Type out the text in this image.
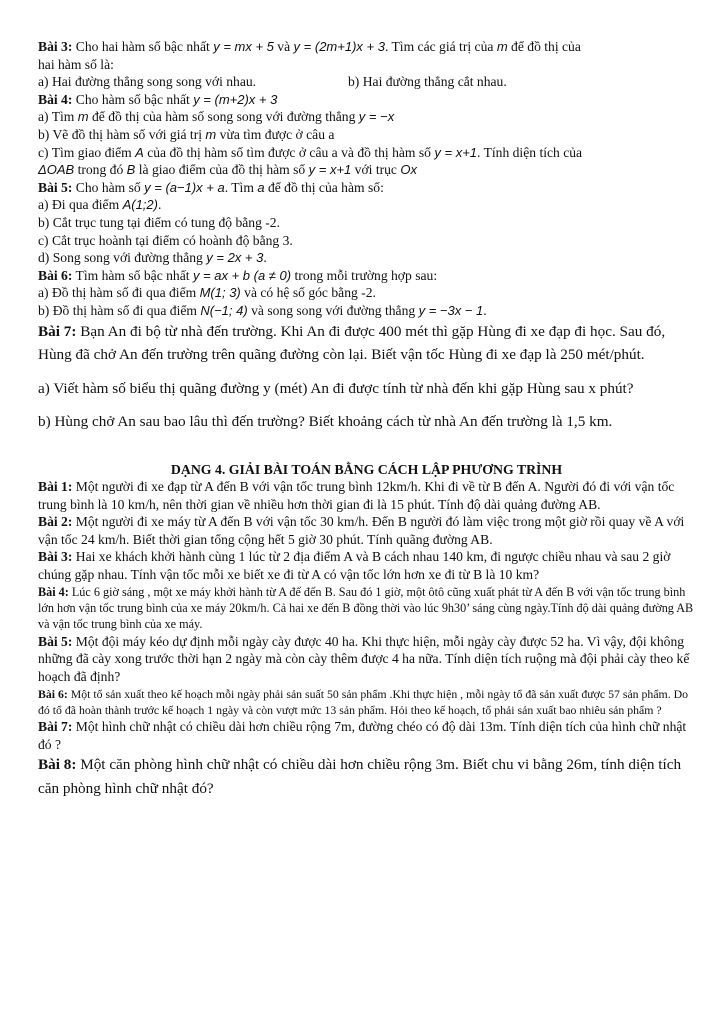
Bài 3: Cho hai hàm số bậc nhất y = mx + 5 và y = (2m+1)x + 3. Tìm các giá trị của m để đồ thị của

hai hàm số là:

a) Hai đường thẳng song song với nhau.	b) Hai đường thẳng cắt nhau.

Bài 4: Cho hàm số bậc nhất y = (m+2)x + 3

a) Tìm m để đồ thị của hàm số song song với đường thẳng y = −x

b) Vẽ đồ thị hàm số với giá trị m vừa tìm được ở câu a

c) Tìm giao điểm A của đồ thị hàm số tìm được ở câu a và đồ thị hàm số y = x+1. Tính diện tích của

ΔOAB trong đó B là giao điểm của đồ thị hàm số y = x+1 với trục Ox

Bài 5: Cho hàm số y = (a−1)x + a. Tìm a để đồ thị của hàm số:

a) Đi qua điểm A(1;2).

b) Cắt trục tung tại điểm có tung độ bằng -2.

c) Cắt trục hoành tại điểm có hoành độ bằng 3.

d) Song song với đường thẳng y = 2x + 3.

Bài 6: Tìm hàm số bậc nhất y = ax + b (a ≠ 0) trong mỗi trường hợp sau:

a) Đồ thị hàm số đi qua điểm M(1; 3) và có hệ số góc bằng -2.

b) Đồ thị hàm số đi qua điểm N(−1; 4) và song song với đường thẳng y = −3x − 1.

Bài 7: Bạn An đi bộ từ nhà đến trường. Khi An đi được 400 mét thì gặp Hùng đi xe đạp đi học. Sau đó, Hùng đã chở An đến trường trên quãng đường còn lại. Biết vận tốc Hùng đi xe đạp là 250 mét/phút.

a) Viết hàm số biểu thị quãng đường y (mét) An đi được tính từ nhà đến khi gặp Hùng sau x phút?

b) Hùng chở An sau bao lâu thì đến trường? Biết khoảng cách từ nhà An đến trường là 1,5 km.

DẠNG 4. GIẢI BÀI TOÁN BẰNG CÁCH LẬP PHƯƠNG TRÌNH

Bài 1: Một người đi xe đạp từ A đến B với vận tốc trung bình 12km/h. Khi đi về từ B đến A. Người đó đi với vận tốc trung bình là 10 km/h, nên thời gian về nhiều hơn thời gian đi là 15 phút. Tính độ dài quảng đường AB.

Bài 2: Một người đi xe máy từ A đến B với vận tốc 30 km/h. Đến B người đó làm việc trong một giờ rồi quay về A với vận tốc 24 km/h. Biết thời gian tổng cộng hết 5 giờ 30 phút. Tính quãng đường AB.

Bài 3: Hai xe khách khởi hành cùng 1 lúc từ 2 địa điểm A và B cách nhau 140 km, đi ngược chiều nhau và sau 2 giờ chúng gặp nhau. Tính vận tốc mỗi xe biết xe đi từ A có vận tốc lớn hơn xe đi từ B là 10 km?

Bài 4: Lúc 6 giờ sáng , một xe máy khởi hành từ A để đến B. Sau đó 1 giờ, một ôtô cũng xuất phát từ A đến B với vận tốc trung bình lớn hơn vận tốc trung bình của xe máy 20km/h. Cả hai xe đến B đồng thời vào lúc 9h30’ sáng cùng ngày.Tính độ dài quảng đường AB và vận tốc trung bình của xe máy.

Bài 5: Một đội máy kéo dự định mỗi ngày cày được 40 ha. Khi thực hiện, mỗi ngày cày được 52 ha. Vì vậy, đội không những đã cày xong trước thời hạn 2 ngày mà còn cày thêm được 4 ha nữa. Tính diện tích ruộng mà đội phải cày theo kế hoạch đã định?

Bài 6: Một tổ sản xuất theo kế hoạch mỗi ngày phải sản suất 50 sản phẩm .Khi thực hiện , mỗi ngày tổ đã sản xuất được 57 sản phẩm. Do đó tổ đã hoàn thành trước kế hoạch 1 ngày và còn vượt mức 13 sản phẩm. Hỏi theo kế hoạch, tổ phải sản xuất bao nhiêu sản phẩm ?

Bài 7: Một hình chữ nhật có chiều dài hơn chiều rộng 7m, đường chéo có độ dài 13m. Tính diện tích của hình chữ nhật đó ?

Bài 8: Một căn phòng hình chữ nhật có chiều dài hơn chiều rộng 3m. Biết chu vi bằng 26m, tính diện tích căn phòng hình chữ nhật đó?
